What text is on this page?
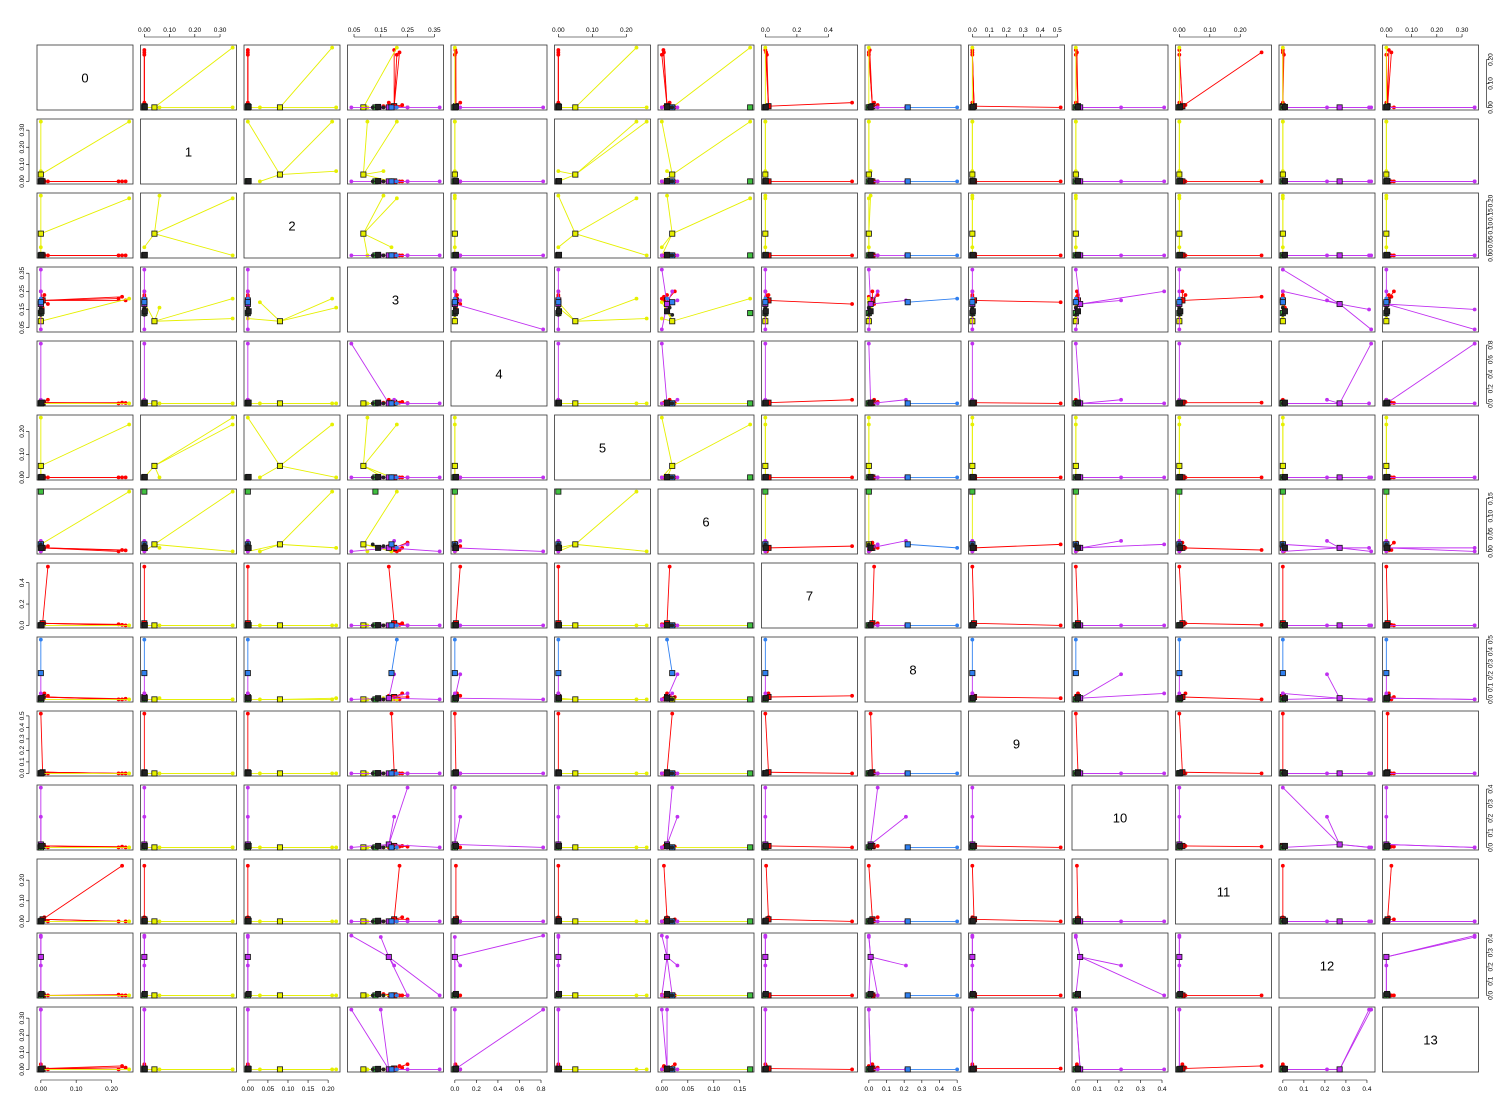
0
1
2
3
4
5
6
7
8
9
10
11
12
13
0.00	0.10	0.20
0.00 0.10 0.20 0.30
0.00 0.05 0.10 0.15 0.20
0.05 0.15 0.25 0.35
0.0 0.2 0.4 0.6 0.8
0.00	0.10	0.20
0.00 0.05 0.10 0.15
0.0	0.2	0.4
0.0 0.1 0.2 0.3 0.4 0.5
0.0 0.1 0.2 0.3 0.4 0.5
0.0 0.1 0.2 0.3 0.4
0.00	0.10	0.20
0.0 0.1 0.2 0.3 0.4
0.00 0.10 0.20 0.30
0.00
0.10
0.20
0.00
0.10
0.20
0.30
0.00
0.05
0.10
0.15
0.20
0.05
0.15
0.25
0.35
0.0
0.2
0.4
0.6
0.8
0.00
0.10
0.20
0.00
0.05
0.10
0.15
0.0
0.2
0.4
0.0
0.1
0.2
0.3
0.4
0.5
0.0
0.1
0.2
0.3
0.4
0.5
0.0
0.1
0.2
0.3
0.4
0.00
0.10
0.20
0.0
0.1
0.2
0.3
0.4
0.00
0.10
0.20
0.30
